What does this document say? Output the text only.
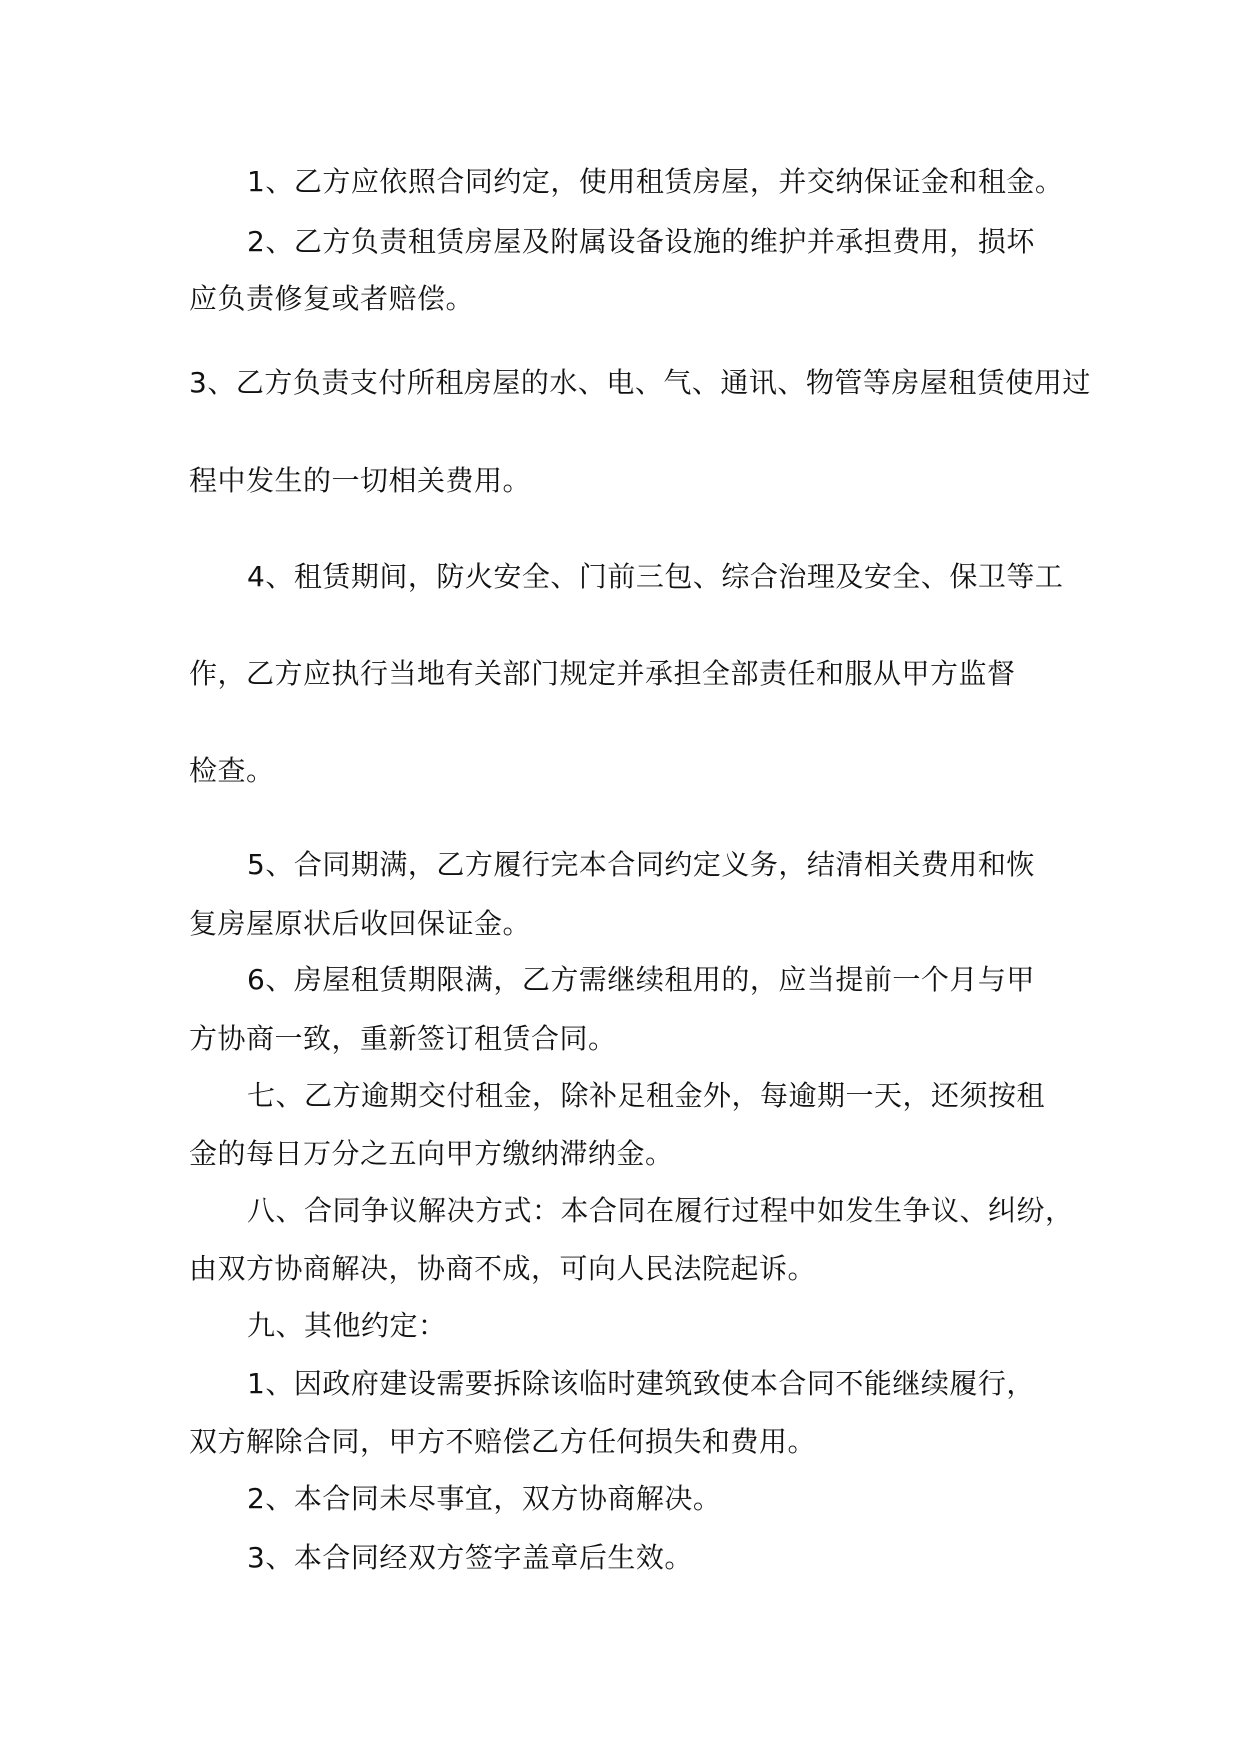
1、乙方应依照合同约定，使用租赁房屋，并交纳保证金和租金。
2、乙方负责租赁房屋及附属设备设施的维护并承担费用，损坏
应负责修复或者赔偿。
3、乙方负责支付所租房屋的水、电、气、通讯、物管等房屋租赁使用过
程中发生的一切相关费用。
4、租赁期间，防火安全、门前三包、综合治理及安全、保卫等工
作，乙方应执行当地有关部门规定并承担全部责任和服从甲方监督
检查。
5、合同期满，乙方履行完本合同约定义务，结清相关费用和恢
复房屋原状后收回保证金。
6、房屋租赁期限满，乙方需继续租用的，应当提前一个月与甲
方协商一致，重新签订租赁合同。
七、乙方逾期交付租金，除补足租金外，每逾期一天，还须按租
金的每日万分之五向甲方缴纳滞纳金。
八、合同争议解决方式：本合同在履行过程中如发生争议、纠纷，
由双方协商解决，协商不成，可向人民法院起诉。
九、其他约定：
1、因政府建设需要拆除该临时建筑致使本合同不能继续履行，
双方解除合同，甲方不赔偿乙方任何损失和费用。
2、本合同未尽事宜，双方协商解决。
3、本合同经双方签字盖章后生效。
